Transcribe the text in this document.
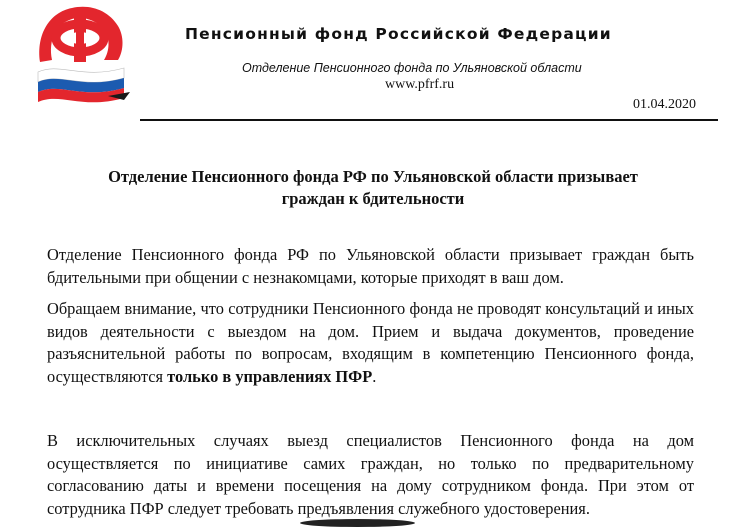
Пенсионный фонд Российской Федерации
Отделение Пенсионного фонда по Ульяновской области
www.pfrf.ru
01.04.2020
Отделение Пенсионного фонда РФ по Ульяновской области призывает
граждан к бдительности

Отделение Пенсионного фонда РФ по Ульяновской области призывает граждан быть бдительными при общении с незнакомцами, которые приходят в ваш дом.

Обращаем внимание, что сотрудники Пенсионного фонда не проводят консультаций и иных видов деятельности с выездом на дом. Прием и выдача документов, проведение разъяснительной работы по вопросам, входящим в компетенцию Пенсионного фонда, осуществляются только в управлениях ПФР.

В исключительных случаях выезд специалистов Пенсионного фонда на дом осуществляется по инициативе самих граждан, но только по предварительному согласованию даты и времени посещения на дому сотрудником фонда. При этом от сотрудника ПФР следует требовать предъявления служебного удостоверения.
